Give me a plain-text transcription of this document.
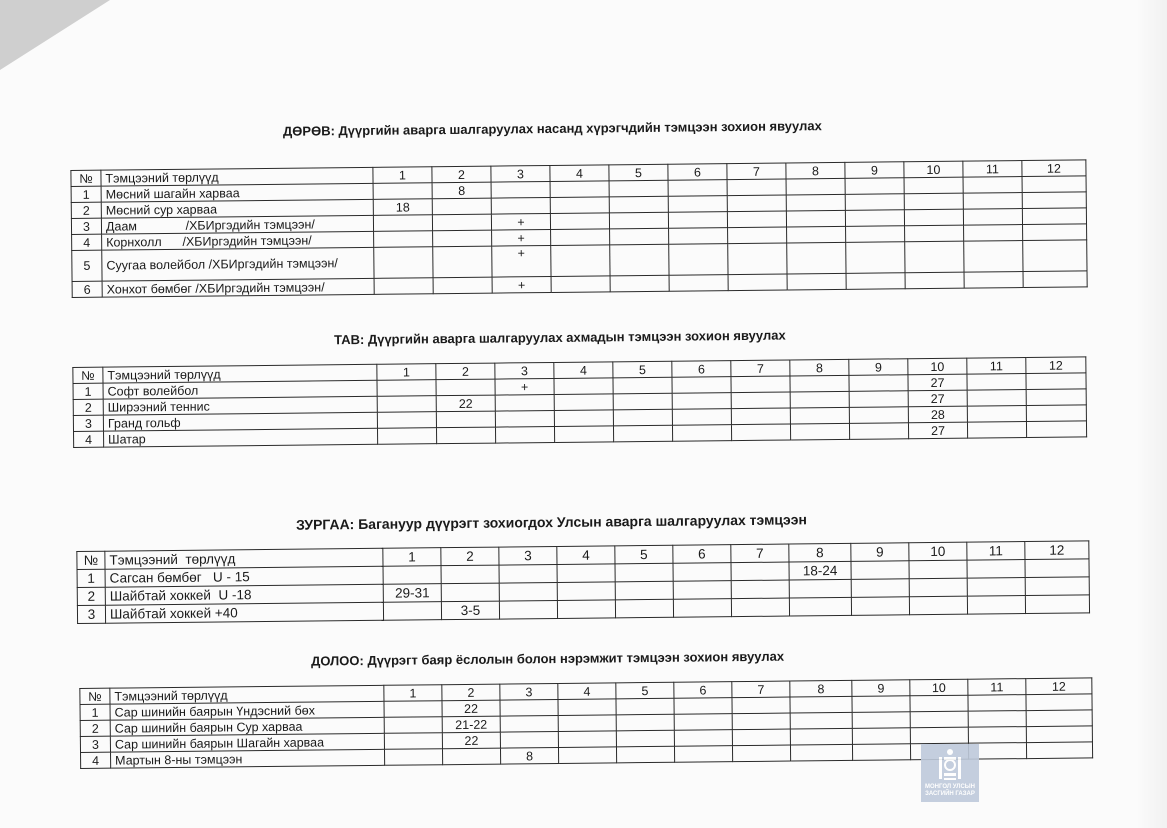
ДӨРӨВ: Дүүргийн аварга шалгаруулах насанд хүрэгчдийн тэмцээн зохион явуулах
№	Тэмцээний төрлүүд	1	2	3	4	5	6	7	8	9	10	11	12
1	Мөсний шагайн харваа		8										
2	Мөсний сур харваа	18											
3	Даам              /ХБИргэдийн тэмцээн/			+									
4	Корнхолл      /ХБИргэдийн тэмцээн/			+									
5	Суугаа волейбол /ХБИргэдийн тэмцээн/			+									
6	Хонхот бөмбөг /ХБИргэдийн тэмцээн/			+									
ТАВ: Дүүргийн аварга шалгаруулах ахмадын тэмцээн зохион явуулах
№	Тэмцээний төрлүүд	1	2	3	4	5	6	7	8	9	10	11	12
1	Софт волейбол			+							27		
2	Ширээний теннис		22								27		
3	Гранд гольф										28		
4	Шатар										27		
ЗУРГАА: Багануур дүүрэгт зохиогдох Улсын аварга шалгаруулах тэмцээн
№	Тэмцээний  төрлүүд	1	2	3	4	5	6	7	8	9	10	11	12
1	Сагсан бөмбөг   U - 15								18-24				
2	Шайбтай хоккей  U -18	29-31											
3	Шайбтай хоккей +40		3-5										
ДОЛОО: Дүүрэгт баяр ёслолын болон нэрэмжит тэмцээн зохион явуулах
№	Тэмцээний төрлүүд	1	2	3	4	5	6	7	8	9	10	11	12
1	Сар шинийн баярын Үндэсний бөх		22										
2	Сар шинийн баярын Сур харваа		21-22										
3	Сар шинийн баярын Шагайн харваа		22										
4	Мартын 8-ны тэмцээн			8									
МОНГОЛ УЛСЫН
ЗАСГИЙН ГАЗАР
